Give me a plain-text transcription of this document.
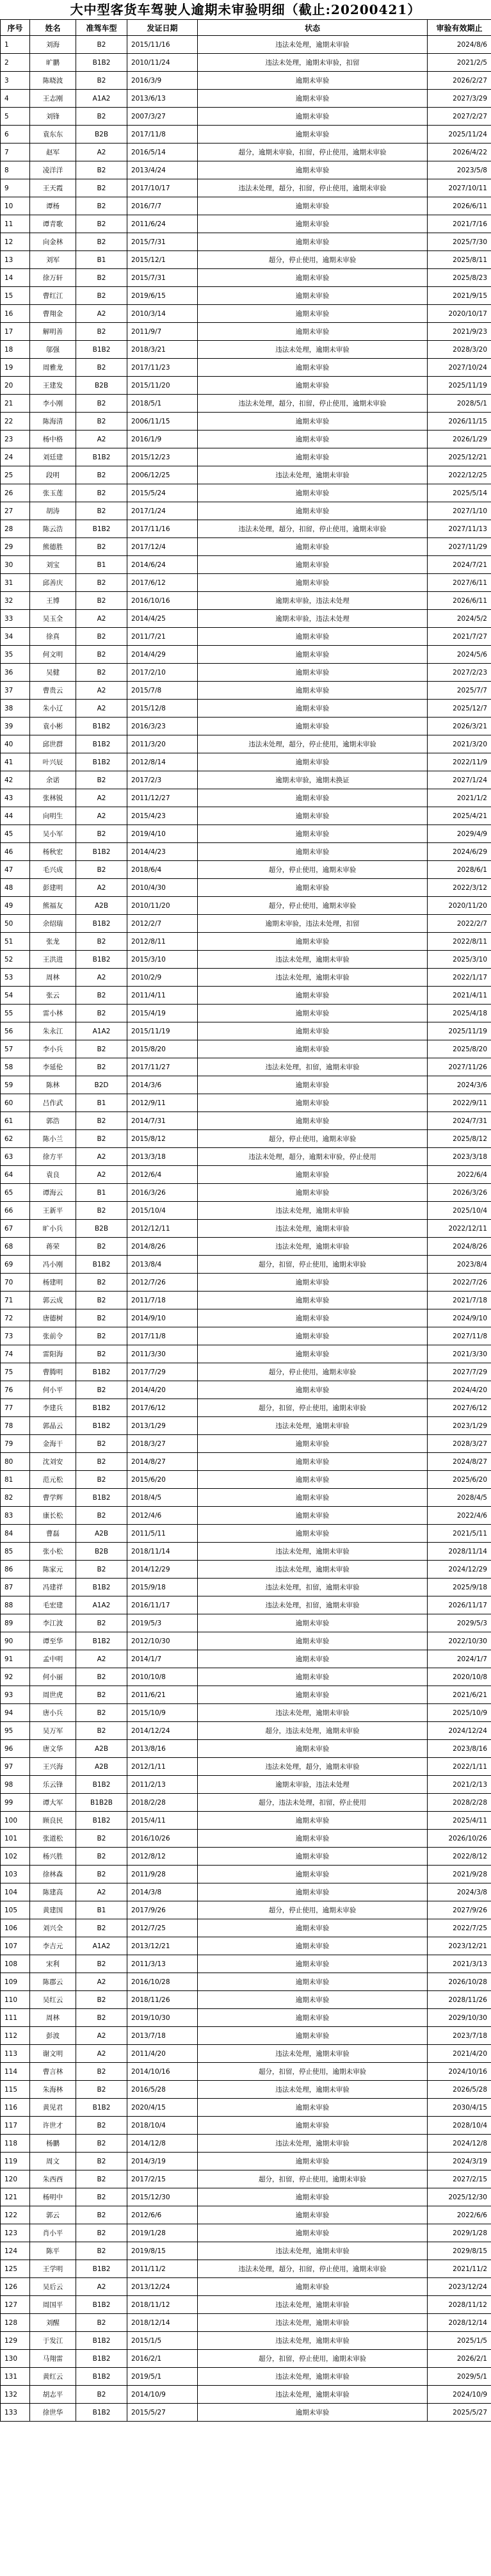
大中型客货车驾驶人逾期未审验明细（截止:20200421）
序号	姓名	准驾车型	发证日期	状态	审验有效期止
1	刘海	B2	2015/11/16	违法未处理，逾期未审验	2024/8/6
2	旷鹏	B1B2	2010/11/24	违法未处理，逾期未审验，扣留	2021/2/5
3	陈晓波	B2	2016/3/9	逾期未审验	2026/2/27
4	王志刚	A1A2	2013/6/13	逾期未审验	2027/3/29
5	刘锋	B2	2007/3/27	逾期未审验	2027/2/27
6	袁东东	B2B	2017/11/8	逾期未审验	2025/11/24
7	赵军	A2	2016/5/14	超分，逾期未审验，扣留，停止使用，逾期未审验	2026/4/22
8	凌洋洋	B2	2013/4/24	逾期未审验	2023/5/8
9	王天霞	B2	2017/10/17	违法未处理，超分，扣留，停止使用，逾期未审验	2027/10/11
10	谭杨	B2	2016/7/7	逾期未审验	2026/6/11
11	谭青歌	B2	2011/6/24	逾期未审验	2021/7/16
12	向金林	B2	2015/7/31	逾期未审验	2025/7/30
13	刘军	B1	2015/12/1	超分，停止使用，逾期未审验	2025/8/11
14	徐万轩	B2	2015/7/31	逾期未审验	2025/8/23
15	曹红江	B2	2019/6/15	逾期未审验	2021/9/15
16	曹翔金	A2	2010/3/14	逾期未审验	2020/10/17
17	解明善	B2	2011/9/7	逾期未审验	2021/9/23
18	邬强	B1B2	2018/3/21	违法未处理，逾期未审验	2028/3/20
19	周雅龙	B2	2017/11/23	逾期未审验	2027/10/24
20	王建发	B2B	2015/11/20	逾期未审验	2025/11/19
21	李小刚	B2	2018/5/1	违法未处理，超分，扣留，停止使用，逾期未审验	2028/5/1
22	陈海清	B2	2006/11/15	逾期未审验	2026/11/15
23	杨中格	A2	2016/1/9	逾期未审验	2026/1/29
24	刘廷建	B1B2	2015/12/23	逾期未审验	2025/12/21
25	段明	B2	2006/12/25	违法未处理，逾期未审验	2022/12/25
26	张玉莲	B2	2015/5/24	逾期未审验	2025/5/14
27	胡涛	B2	2017/1/24	逾期未审验	2027/1/10
28	陈云浩	B1B2	2017/11/16	违法未处理，超分，扣留，停止使用，逾期未审验	2027/11/13
29	熊德胜	B2	2017/12/4	逾期未审验	2027/11/29
30	刘宝	B1	2014/6/24	逾期未审验	2024/7/21
31	邱善庆	B2	2017/6/12	逾期未审验	2027/6/11
32	王博	B2	2016/10/16	逾期未审验，违法未处理	2026/6/11
33	吴玉全	A2	2014/4/25	逾期未审验，违法未处理	2024/5/2
34	徐真	B2	2011/7/21	逾期未审验	2021/7/27
35	何文明	B2	2014/4/29	逾期未审验	2024/5/6
36	吴健	B2	2017/2/10	逾期未审验	2027/2/23
37	曹贵云	A2	2015/7/8	逾期未审验	2025/7/7
38	朱小辽	A2	2015/12/8	逾期未审验	2025/12/7
39	袁小彬	B1B2	2016/3/23	逾期未审验	2026/3/21
40	邱世群	B1B2	2011/3/20	违法未处理，超分，停止使用，逾期未审验	2021/3/20
41	叶兴辰	B1B2	2012/8/14	逾期未审验	2022/11/9
42	余诺	B2	2017/2/3	逾期未审验，逾期未换证	2027/1/24
43	张林锐	A2	2011/12/27	逾期未审验	2021/1/2
44	向明生	A2	2015/4/23	逾期未审验	2025/4/21
45	吴小军	B2	2019/4/10	逾期未审验	2029/4/9
46	杨秋宏	B1B2	2014/4/23	逾期未审验	2024/6/29
47	毛兴成	B2	2018/6/4	超分，停止使用，逾期未审验	2028/6/1
48	彭建明	A2	2010/4/30	逾期未审验	2022/3/12
49	熊福友	A2B	2010/11/20	超分，停止使用，逾期未审验	2020/11/20
50	余绍瑞	B1B2	2012/2/7	逾期未审验，违法未处理，扣留	2022/2/7
51	张龙	B2	2012/8/11	逾期未审验	2022/8/11
52	王洪进	B1B2	2015/3/10	违法未处理，逾期未审验	2025/3/10
53	周林	A2	2010/2/9	违法未处理，逾期未审验	2022/1/17
54	张云	B2	2011/4/11	逾期未审验	2021/4/11
55	雷小林	B2	2015/4/19	逾期未审验	2025/4/18
56	朱永江	A1A2	2015/11/19	逾期未审验	2025/11/19
57	李小兵	B2	2015/8/20	逾期未审验	2025/8/20
58	李延伦	B2	2017/11/27	违法未处理，扣留，逾期未审验	2027/11/26
59	陈林	B2D	2014/3/6	逾期未审验	2024/3/6
60	吕作武	B1	2012/9/11	逾期未审验	2022/9/11
61	郭浩	B2	2014/7/31	逾期未审验	2024/7/31
62	陈小兰	B2	2015/8/12	超分，停止使用，逾期未审验	2025/8/12
63	徐方平	A2	2013/3/18	违法未处理，超分，逾期未审验，停止使用	2023/3/18
64	袁良	A2	2012/6/4	逾期未审验	2022/6/4
65	谭海云	B1	2016/3/26	逾期未审验	2026/3/26
66	王新平	B2	2015/10/4	违法未处理，逾期未审验	2025/10/4
67	旷小兵	B2B	2012/12/11	违法未处理，逾期未审验	2022/12/11
68	蒋荣	B2	2014/8/26	违法未处理，逾期未审验	2024/8/26
69	冯小刚	B1B2	2013/8/4	超分，扣留，停止使用，逾期未审验	2023/8/4
70	杨建明	B2	2012/7/26	逾期未审验	2022/7/26
71	郭云成	B2	2011/7/18	逾期未审验	2021/7/18
72	唐德树	B2	2014/9/10	逾期未审验	2024/9/10
73	张前令	B2	2017/11/8	逾期未审验	2027/11/8
74	雷阳海	B2	2011/3/30	逾期未审验	2021/3/30
75	曹腾明	B1B2	2017/7/29	超分，停止使用，逾期未审验	2027/7/29
76	何小平	B2	2014/4/20	逾期未审验	2024/4/20
77	李建兵	B1B2	2017/6/12	超分，扣留，停止使用，逾期未审验	2027/6/12
78	郭晶云	B1B2	2013/1/29	违法未处理，逾期未审验	2023/1/29
79	金海干	B2	2018/3/27	逾期未审验	2028/3/27
80	沈刘安	B2	2014/8/27	逾期未审验	2024/8/27
81	范元松	B2	2015/6/20	逾期未审验	2025/6/20
82	曹学辉	B1B2	2018/4/5	逾期未审验	2028/4/5
83	康长松	B2	2012/4/6	逾期未审验	2022/4/6
84	曹磊	A2B	2011/5/11	逾期未审验	2021/5/11
85	张小松	B2B	2018/11/14	违法未处理，逾期未审验	2028/11/14
86	陈家元	B2	2014/12/29	违法未处理，逾期未审验	2024/12/29
87	冯建祥	B1B2	2015/9/18	违法未处理，扣留，逾期未审验	2025/9/18
88	毛宏建	A1A2	2016/11/17	违法未处理，扣留，逾期未审验	2026/11/17
89	李江波	B2	2019/5/3	逾期未审验	2029/5/3
90	谭至华	B1B2	2012/10/30	逾期未审验	2022/10/30
91	孟中明	A2	2014/1/7	逾期未审验	2024/1/7
92	何小丽	B2	2010/10/8	逾期未审验	2020/10/8
93	周世虎	B2	2011/6/21	逾期未审验	2021/6/21
94	唐小兵	B2	2015/10/9	违法未处理，逾期未审验	2025/10/9
95	吴万军	B2	2014/12/24	超分，违法未处理，逾期未审验	2024/12/24
96	唐文华	A2B	2013/8/16	逾期未审验	2023/8/16
97	王兴海	A2B	2012/1/11	违法未处理，超分，逾期未审验	2022/1/11
98	乐云锋	B1B2	2011/2/13	逾期未审验，违法未处理	2021/2/13
99	谭大军	B1B2B	2018/2/28	超分，违法未处理，扣留，停止使用	2028/2/28
100	顾良民	B1B2	2015/4/11	逾期未审验	2025/4/11
101	张道松	B2	2016/10/26	逾期未审验	2026/10/26
102	杨兴胜	B2	2012/8/12	逾期未审验	2022/8/12
103	徐林森	B2	2011/9/28	逾期未审验	2021/9/28
104	陈建高	A2	2014/3/8	逾期未审验	2024/3/8
105	黄建国	B1	2017/9/26	超分，停止使用，逾期未审验	2027/9/26
106	刘兴全	B2	2012/7/25	逾期未审验	2022/7/25
107	李吉元	A1A2	2013/12/21	逾期未审验	2023/12/21
108	宋利	B2	2011/3/13	逾期未审验	2021/3/13
109	陈郡云	A2	2016/10/28	逾期未审验	2026/10/28
110	吴红云	B2	2018/11/26	逾期未审验	2028/11/26
111	周林	B2	2019/10/30	逾期未审验	2029/10/30
112	彭波	A2	2013/7/18	逾期未审验	2023/7/18
113	谢文明	A2	2011/4/20	违法未处理，逾期未审验	2021/4/20
114	曹言林	B2	2014/10/16	超分，扣留，停止使用，逾期未审验	2024/10/16
115	朱海林	B2	2016/5/28	违法未处理，逾期未审验	2026/5/28
116	黄见君	B1B2	2020/4/15	逾期未审验	2030/4/15
117	许世才	B2	2018/10/4	逾期未审验	2028/10/4
118	杨鹏	B2	2014/12/8	违法未处理，逾期未审验	2024/12/8
119	周文	B2	2014/3/19	逾期未审验	2024/3/19
120	朱西西	B2	2017/2/15	超分，扣留，停止使用，逾期未审验	2027/2/15
121	杨明中	B2	2015/12/30	逾期未审验	2025/12/30
122	郭云	B2	2012/6/6	逾期未审验	2022/6/6
123	肖小平	B2	2019/1/28	逾期未审验	2029/1/28
124	陈平	B2	2019/8/15	违法未处理，逾期未审验	2029/8/15
125	王学明	B1B2	2011/11/2	违法未处理，超分，扣留，停止使用，逾期未审验	2021/11/2
126	吴后云	A2	2013/12/24	逾期未审验	2023/12/24
127	周国平	B1B2	2018/11/12	违法未处理，逾期未审验	2028/11/12
128	刘醒	B2	2018/12/14	违法未处理，逾期未审验	2028/12/14
129	于发江	B1B2	2015/1/5	违法未处理，逾期未审验	2025/1/5
130	马翔雷	B1B2	2016/2/1	超分，扣留，停止使用，逾期未审验	2026/2/1
131	黄红云	B1B2	2019/5/1	违法未处理，逾期未审验	2029/5/1
132	胡志平	B2	2014/10/9	违法未处理，逾期未审验	2024/10/9
133	徐世华	B1B2	2015/5/27	逾期未审验	2025/5/27
